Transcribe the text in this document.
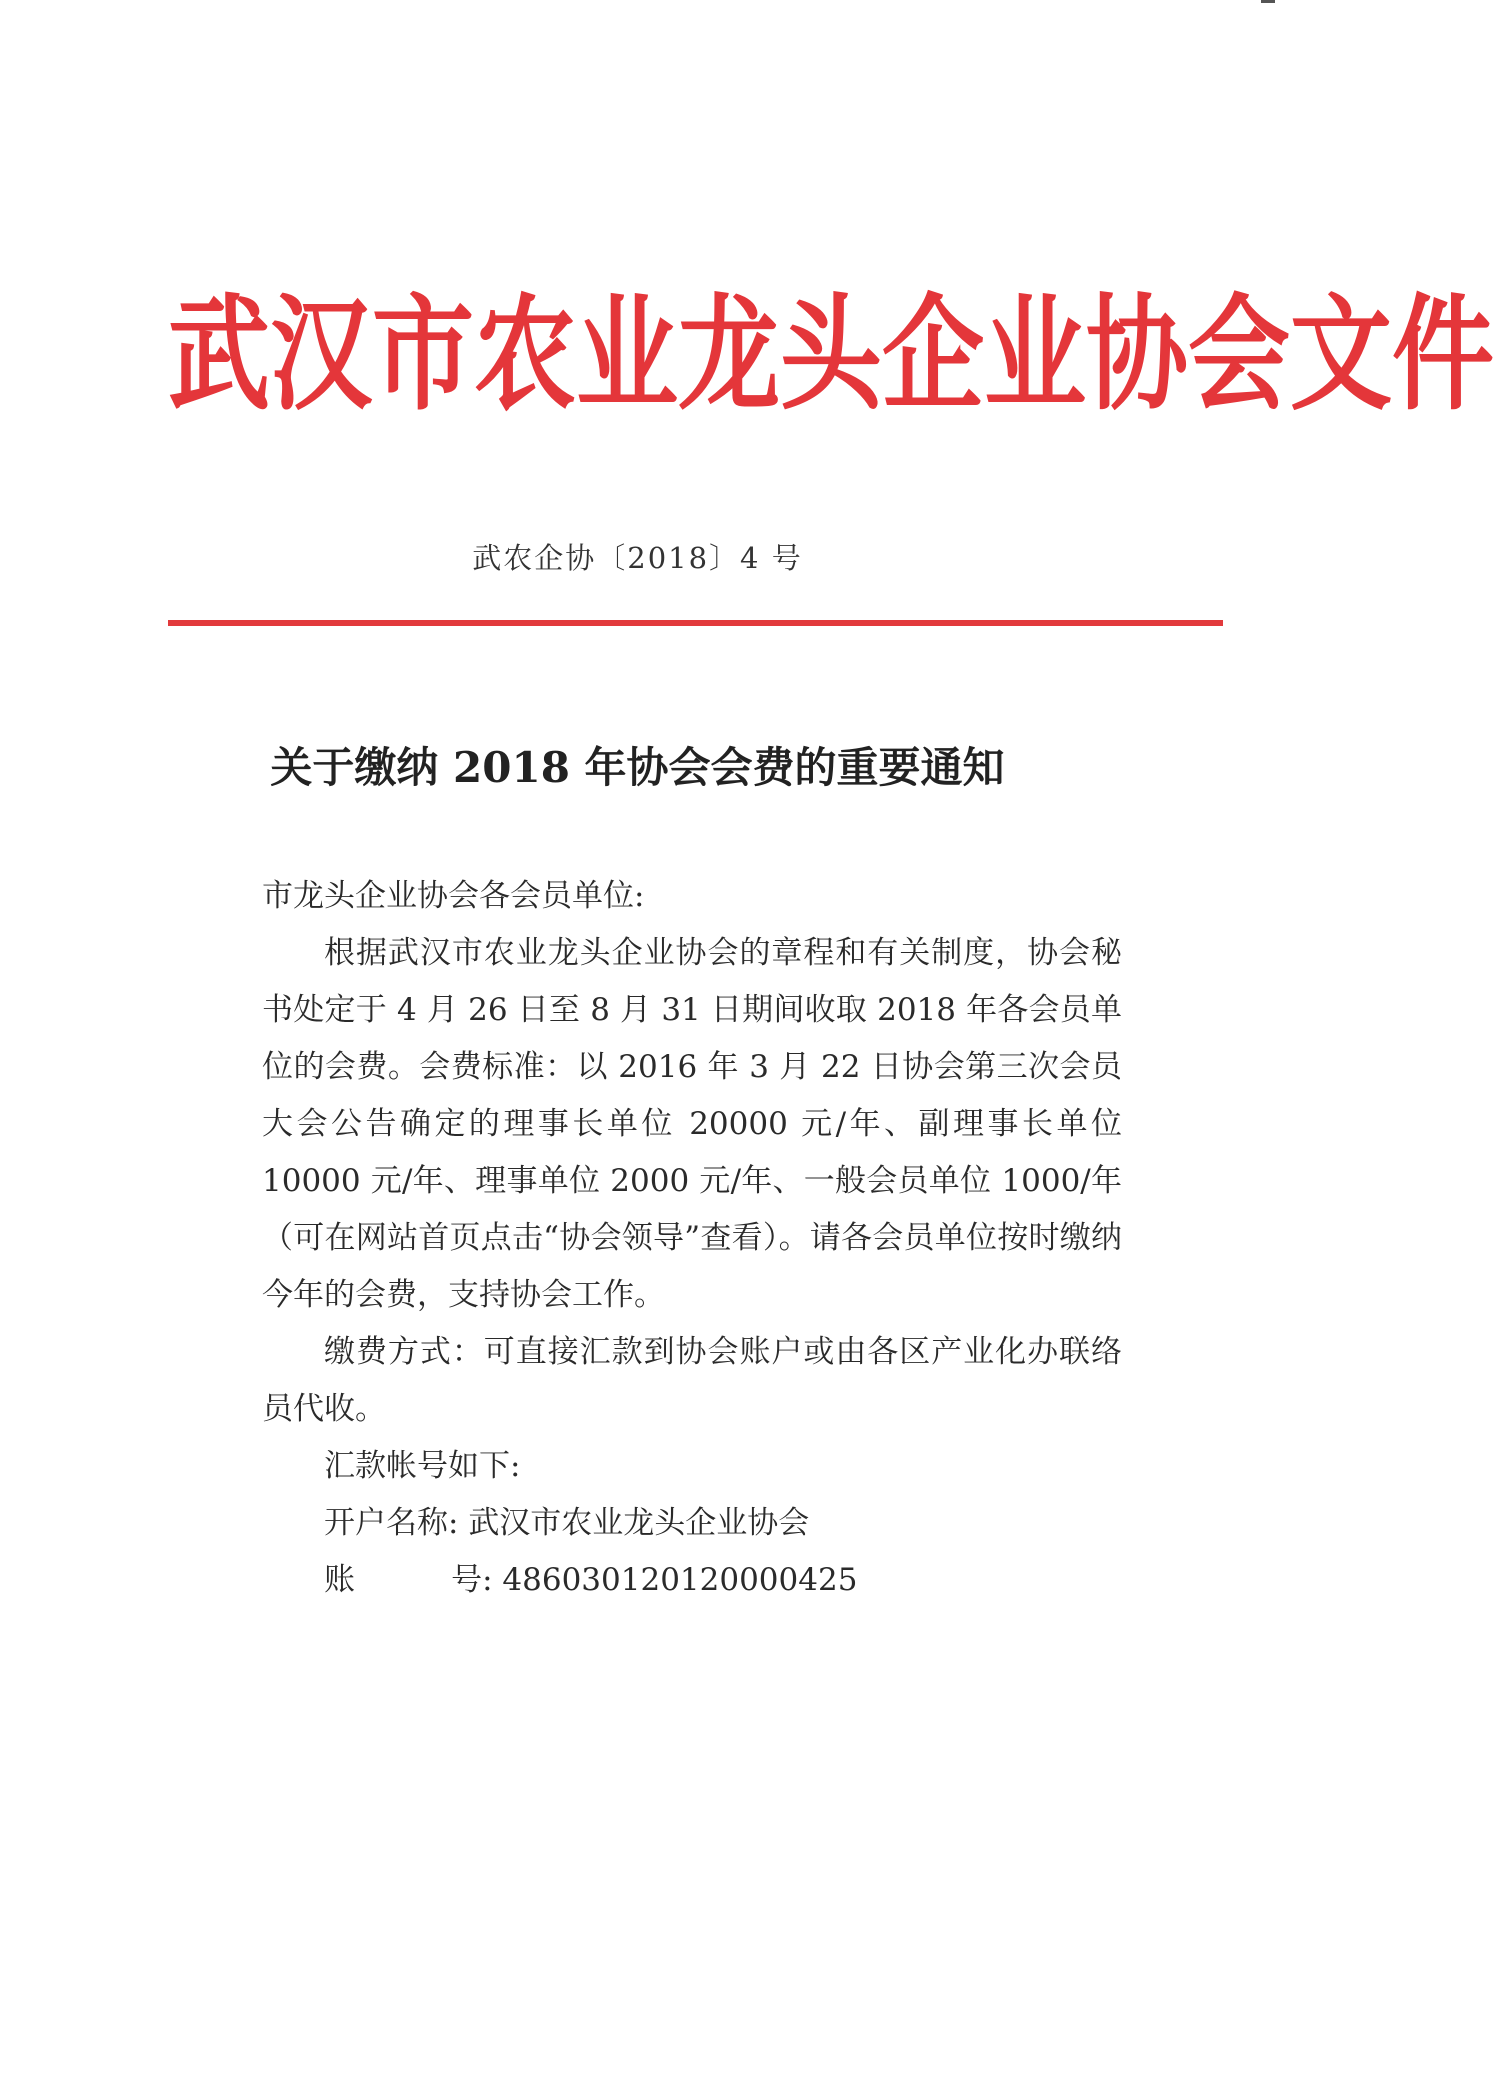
武汉市农业龙头企业协会文件
武农企协〔2018〕4 号
关于缴纳 2018 年协会会费的重要通知

市龙头企业协会各会员单位:

根据武汉市农业龙头企业协会的章程和有关制度，协会秘书处定于 4 月 26 日至 8 月 31 日期间收取 2018 年各会员单位的会费。会费标准：以 2016 年 3 月 22 日协会第三次会员大会公告确定的理事长单位 20000 元/年、副理事长单位 10000 元/年、理事单位 2000 元/年、一般会员单位 1000/年（可在网站首页点击“协会领导”查看）。请各会员单位按时缴纳今年的会费，支持协会工作。

缴费方式：可直接汇款到协会账户或由各区产业化办联络员代收。

汇款帐号如下:

开户名称: 武汉市农业龙头企业协会

账	号: 486030120120000425
